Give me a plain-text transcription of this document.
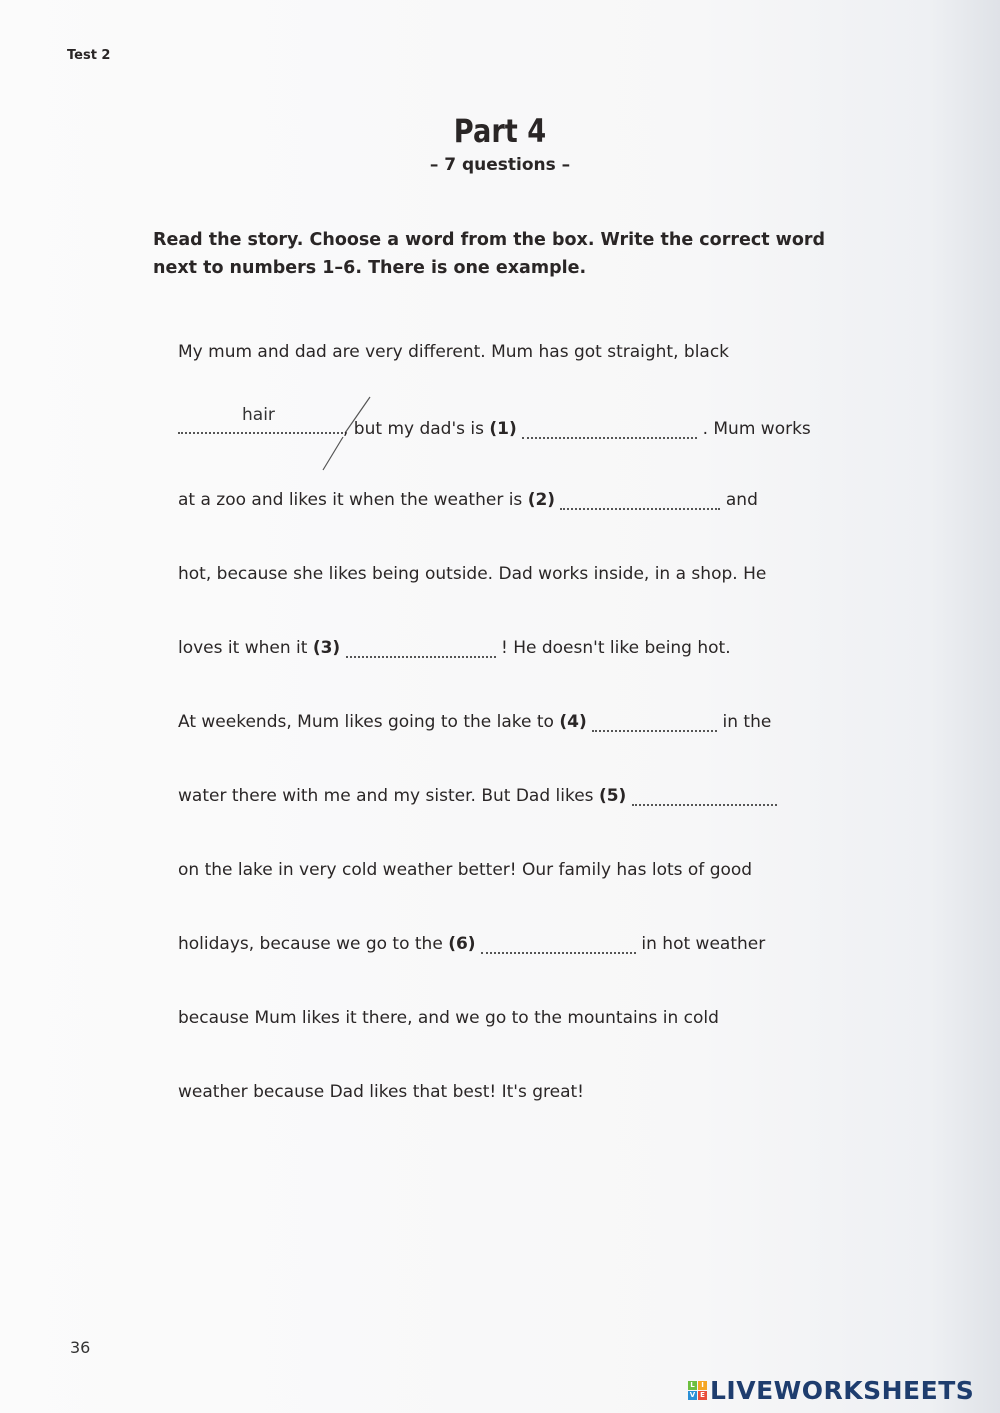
Test 2
Part 4
– 7 questions –
Read the story. Choose a word from the box. Write the correct word next to numbers 1–6. There is one example.
hair
My mum and dad are very different. Mum has got straight, black
, but my dad's is (1)	. Mum works
at a zoo and likes it when the weather is (2)	and
hot, because she likes being outside. Dad works inside, in a shop. He
loves it when it (3)	! He doesn't like being hot.
At weekends, Mum likes going to the lake to (4)	in the
water there with me and my sister. But Dad likes (5)
on the lake in very cold weather better! Our family has lots of good
holidays, because we go to the (6)	in hot weather
because Mum likes it there, and we go to the mountains in cold
weather because Dad likes that best! It's great!
36
L I
V E LIVEWORKSHEETS
